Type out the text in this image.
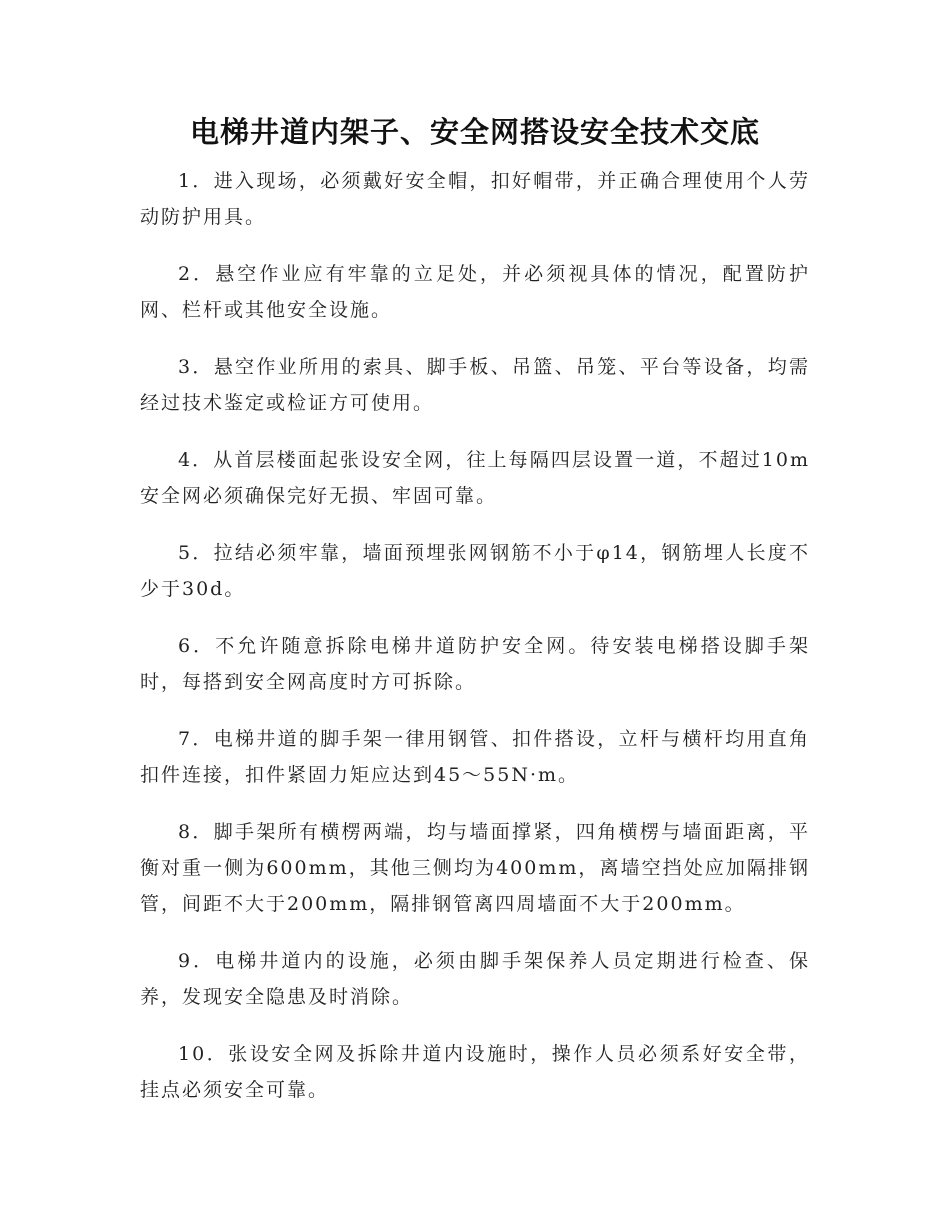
电梯井道内架子、安全网搭设安全技术交底

1．进入现场，必须戴好安全帽，扣好帽带，并正确合理使用个人劳动防护用具。

2．悬空作业应有牢靠的立足处，并必须视具体的情况，配置防护网、栏杆或其他安全设施。

3．悬空作业所用的索具、脚手板、吊篮、吊笼、平台等设备，均需经过技术鉴定或检证方可使用。

4．从首层楼面起张设安全网，往上每隔四层设置一道，不超过10m安全网必须确保完好无损、牢固可靠。

5．拉结必须牢靠，墙面预埋张网钢筋不小于φ14，钢筋埋人长度不少于30d。

6．不允许随意拆除电梯井道防护安全网。待安装电梯搭设脚手架时，每搭到安全网高度时方可拆除。

7．电梯井道的脚手架一律用钢管、扣件搭设，立杆与横杆均用直角扣件连接，扣件紧固力矩应达到45～55N·m。

8．脚手架所有横楞两端，均与墙面撑紧，四角横楞与墙面距离，平衡对重一侧为600mm，其他三侧均为400mm，离墙空挡处应加隔排钢管，间距不大于200mm，隔排钢管离四周墙面不大于200mm。

9．电梯井道内的设施，必须由脚手架保养人员定期进行检查、保养，发现安全隐患及时消除。

10．张设安全网及拆除井道内设施时，操作人员必须系好安全带，挂点必须安全可靠。
